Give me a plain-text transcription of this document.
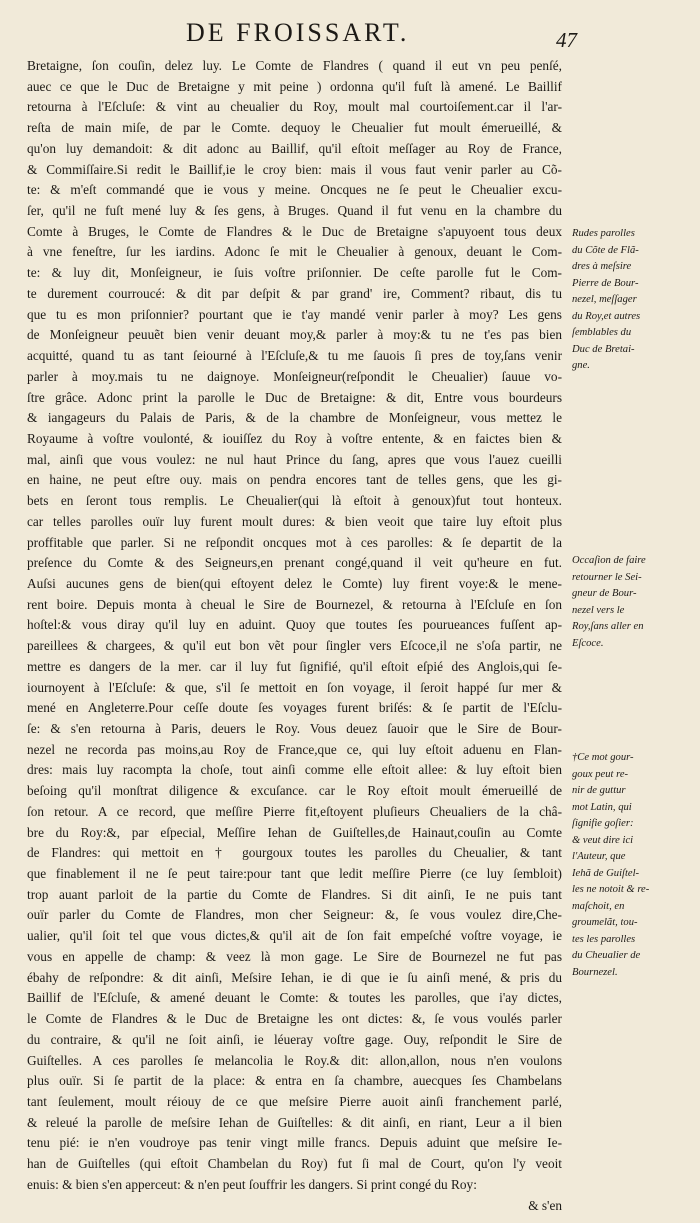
DE FROISSART.	47
Bretaigne, ſon couſin, delez luy. Le Comte de Flandres ( quand il eut vn peu penſé,
auec ce que le Duc de Bretaigne y mit peine ) ordonna qu'il fuſt là amené. Le Baillif
retourna à l'Eſcluſe: & vint au cheualier du Roy, moult mal courtoiſement.car il l'ar-
reſta de main miſe, de par le Comte. dequoy le Cheualier fut moult émerueillé, &
qu'on luy demandoit: & dit adonc au Baillif, qu'il eſtoit meſſager au Roy de France,
& Commiſſaire.Si redit le Baillif,ie le croy bien: mais il vous faut venir parler au Cõ-
te: & m'eſt commandé que ie vous y meine. Oncques ne ſe peut le Cheualier excu-
ſer, qu'il ne fuſt mené luy & ſes gens, à Bruges. Quand il fut venu en la chambre du
Comte à Bruges, le Comte de Flandres & le Duc de Bretaigne s'apuyoent tous deux
à vne feneſtre, ſur les iardins. Adonc ſe mit le Cheualier à genoux, deuant le Com-
te: & luy dit, Monſeigneur, ie ſuis voſtre priſonnier. De ceſte parolle fut le Com-
te durement courroucé: & dit par deſpit & par grand' ire, Comment? ribaut, dis tu
que tu es mon priſonnier? pourtant que ie t'ay mandé venir parler à moy? Les gens
de Monſeigneur peuuẽt bien venir deuant moy,& parler à moy:& tu ne t'es pas bien
acquitté, quand tu as tant ſeiourné à l'Eſcluſe,& tu me ſauois ſi pres de toy,ſans venir
parler à moy.mais tu ne daignoye. Monſeigneur(reſpondit le Cheualier) ſauue vo-
ſtre grâce. Adonc print la parolle le Duc de Bretaigne: & dit, Entre vous bourdeurs
& iangageurs du Palais de Paris, & de la chambre de Monſeigneur, vous mettez le
Royaume à voſtre voulonté, & iouiſſez du Roy à voſtre entente, & en faictes bien &
mal, ainſi que vous voulez: ne nul haut Prince du ſang, apres que vous l'auez cueilli
en haine, ne peut eſtre ouy. mais on pendra encores tant de telles gens, que les gi-
bets en ſeront tous remplis. Le Cheualier(qui là eſtoit à genoux)fut tout honteux.
car telles parolles ouïr luy furent moult dures: & bien veoit que taire luy eſtoit plus
proffitable que parler. Si ne reſpondit oncques mot à ces parolles: & ſe departit de la
preſence du Comte & des Seigneurs,en prenant congé,quand il veit qu'heure en fut.
Auſsi aucunes gens de bien(qui eſtoyent delez le Comte) luy firent voye:& le mene-
rent boire. Depuis monta à cheual le Sire de Bournezel, & retourna à l'Eſcluſe en ſon
hoſtel:& vous diray qu'il luy en aduint. Quoy que toutes ſes pourueances fuſſent ap-
pareillees & chargees, & qu'il eut bon vẽt pour ſingler vers Eſcoce,il ne s'oſa partir, ne
mettre es dangers de la mer. car il luy fut ſignifié, qu'il eſtoit eſpié des Anglois,qui ſe-
iournoyent à l'Eſcluſe: & que, s'il ſe mettoit en ſon voyage, il ſeroit happé ſur mer &
mené en Angleterre.Pour ceſſe doute ſes voyages furent briſés: & ſe partit de l'Eſclu-
ſe: & s'en retourna à Paris, deuers le Roy. Vous deuez ſauoir que le Sire de Bour-
nezel ne recorda pas moins,au Roy de France,que ce, qui luy eſtoit aduenu en Flan-
dres: mais luy racompta la choſe, tout ainſi comme elle eſtoit allee: & luy eſtoit bien
beſoing qu'il monſtrat diligence & excuſance. car le Roy eſtoit moult émerueillé de
ſon retour. A ce record, que meſſire Pierre fit,eſtoyent pluſieurs Cheualiers de la châ-
bre du Roy:&, par eſpecial, Meſſire Iehan de Guiſtelles,de Hainaut,couſin au Comte
de Flandres: qui mettoit en † gourgoux toutes les parolles du Cheualier, & tant
que finablement il ne ſe peut taire:pour tant que ledit meſſire Pierre (ce luy ſembloit)
trop auant parloit de la partie du Comte de Flandres. Si dit ainſi, Ie ne puis tant
ouïr parler du Comte de Flandres, mon cher Seigneur: &, ſe vous voulez dire,Che-
ualier, qu'il ſoit tel que vous dictes,& qu'il ait de ſon fait empeſché voſtre voyage, ie
vous en appelle de champ: & veez là mon gage. Le Sire de Bournezel ne fut pas
ébahy de reſpondre: & dit ainſi, Meſsire Iehan, ie di que ie ſu ainſi mené, & pris du
Baillif de l'Eſcluſe, & amené deuant le Comte: & toutes les parolles, que i'ay dictes,
le Comte de Flandres & le Duc de Bretaigne les ont dictes: &, ſe vous voulés parler
du contraire, & qu'il ne ſoit ainſi, ie léueray voſtre gage. Ouy, reſpondit le Sire de
Guiſtelles. A ces parolles ſe melancolia le Roy.& dit: allon,allon, nous n'en voulons
plus ouïr. Si ſe partit de la place: & entra en ſa chambre, auecques ſes Chambelans
tant ſeulement, moult réiouy de ce que meſsire Pierre auoit ainſi franchement parlé,
& releué la parolle de meſsire Iehan de Guiſtelles: & dit ainſi, en riant, Leur a il bien
tenu pié: ie n'en voudroye pas tenir vingt mille francs. Depuis aduint que meſsire Ie-
han de Guiſtelles (qui eſtoit Chambelan du Roy) fut ſi mal de Court, qu'on l'y veoit
enuis: & bien s'en apperceut: & n'en peut ſouffrir les dangers. Si print congé du Roy:
& s'en
Rudes parolles
du Cõte de Flã-
dres à meſsire
Pierre de Bour-
nezel, meſſager
du Roy,et autres
ſemblables du
Duc de Bretai-
gne.
Occaſion de faire
retourner le Sei-
gneur de Bour-
nezel vers le
Roy,ſans aller en
Eſcoce.
†Ce mot gour-
goux peut re-
nir de guttur
mot Latin, qui
ſignifie goſier:
& veut dire ici
l'Auteur, que
Iehã de Guiſtel-
les ne notoit & re-
maſchoit, en
groumelãt, tou-
tes les parolles
du Cheualier de
Bournezel.
